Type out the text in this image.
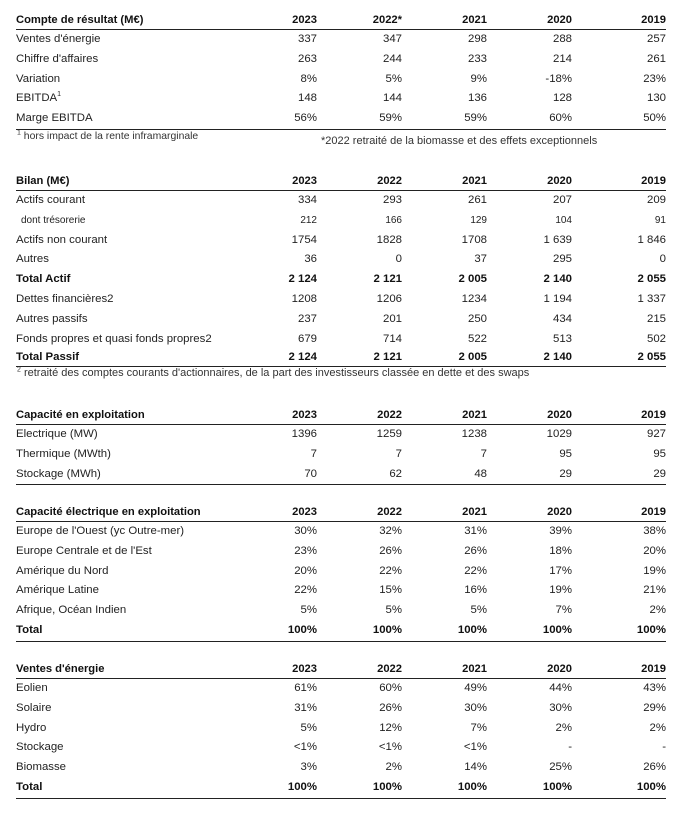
Compte de résultat (M€)	2023	2022*	2021	2020	2019
Ventes d'énergie	337	347	298	288	257
Chiffre d'affaires	263	244	233	214	261
Variation	8%	5%	9%	-18%	23%
EBITDA$^1$	148	144	136	128	130
Marge EBITDA	56%	59%	59%	60%	50%
$^1$ hors impact de la rente inframarginale	*2022 retraité de la biomasse et des effets exceptionnels
Bilan (M€)	2023	2022	2021	2020	2019
Actifs courant	334	293	261	207	209
dont trésorerie	212	166	129	104	91
Actifs non courant	1754	1828	1708	1 639	1 846
Autres	36	0	37	295	0
Total Actif	2 124	2 121	2 005	2 140	2 055
Dettes financières2	1208	1206	1234	1 194	1 337
Autres passifs	237	201	250	434	215
Fonds propres et quasi fonds propres2	679	714	522	513	502
Total Passif	2 124	2 121	2 005	2 140	2 055
$^2$ retraité des comptes courants d'actionnaires, de la part des investisseurs classée en dette et des swaps
Capacité en exploitation	2023	2022	2021	2020	2019
Electrique (MW)	1396	1259	1238	1029	927
Thermique (MWth)	7	7	7	95	95
Stockage (MWh)	70	62	48	29	29
Capacité électrique en exploitation	2023	2022	2021	2020	2019
Europe de l'Ouest (yc Outre-mer)	30%	32%	31%	39%	38%
Europe Centrale et de l'Est	23%	26%	26%	18%	20%
Amérique du Nord	20%	22%	22%	17%	19%
Amérique Latine	22%	15%	16%	19%	21%
Afrique, Océan Indien	5%	5%	5%	7%	2%
Total	100%	100%	100%	100%	100%
Ventes d'énergie	2023	2022	2021	2020	2019
Eolien	61%	60%	49%	44%	43%
Solaire	31%	26%	30%	30%	29%
Hydro	5%	12%	7%	2%	2%
Stockage	<1%	<1%	<1%	-	-
Biomasse	3%	2%	14%	25%	26%
Total	100%	100%	100%	100%	100%
